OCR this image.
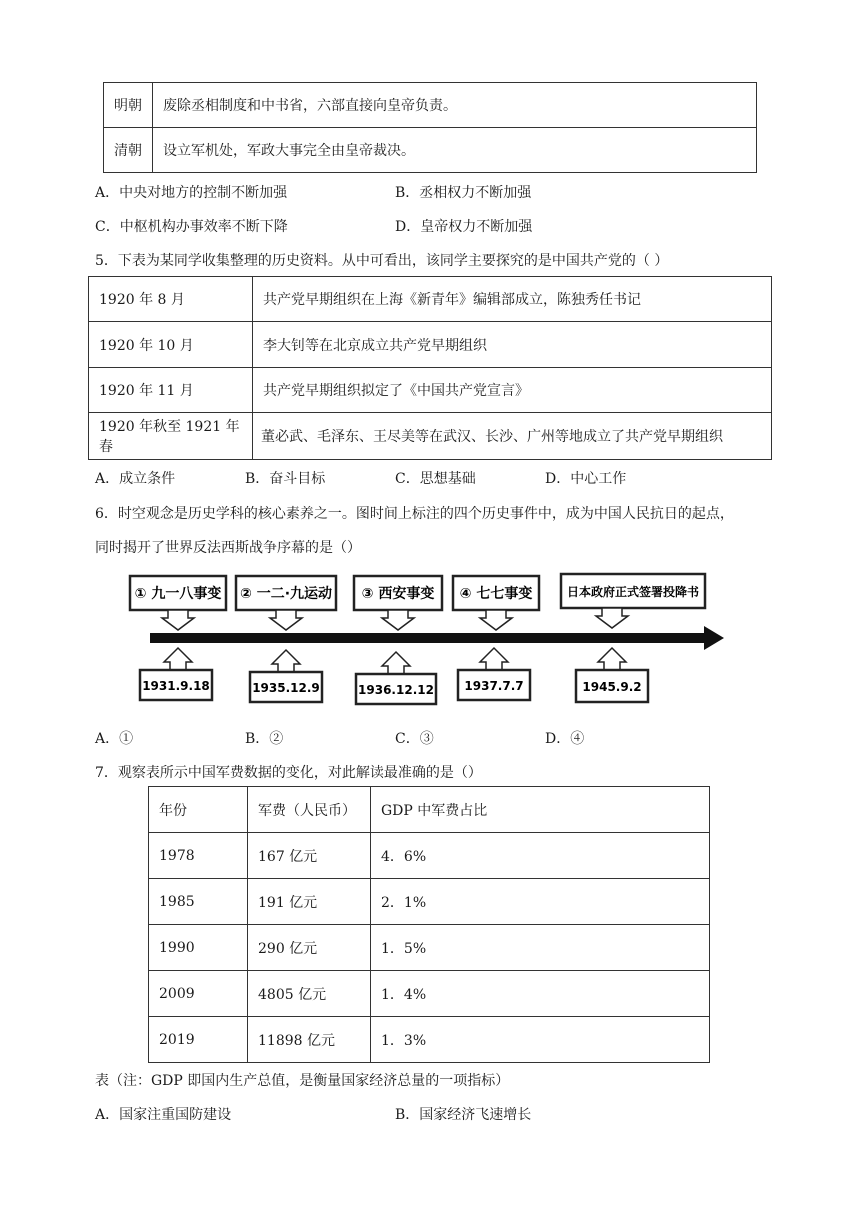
明朝	废除丞相制度和中书省，六部直接向皇帝负责。
清朝	设立军机处，军政大事完全由皇帝裁决。
A．中央对地方的控制不断加强	B．丞相权力不断加强
C．中枢机构办事效率不断下降	D．皇帝权力不断加强
5．下表为某同学收集整理的历史资料。从中可看出，该同学主要探究的是中国共产党的（ ）
1920 年 8 月	共产党早期组织在上海《新青年》编辑部成立，陈独秀任书记
1920 年 10 月	李大钊等在北京成立共产党早期组织
1920 年 11 月	共产党早期组织拟定了《中国共产党宣言》
1920 年秋至 1921 年春	董必武、毛泽东、王尽美等在武汉、长沙、广州等地成立了共产党早期组织
A．成立条件	B．奋斗目标	C．思想基础	D．中心工作
6．时空观念是历史学科的核心素养之一。图时间上标注的四个历史事件中，成为中国人民抗日的起点，
同时揭开了世界反法西斯战争序幕的是（）
① 九一八事变 ② 一二·九运动 ③ 西安事变 ④ 七七事变	日本政府正式签署投降书
1931.9.18	1935.12.9	1936.12.12	1937.7.7	1945.9.2
A．①	B．②	C．③	D．④
7．观察表所示中国军费数据的变化，对此解读最准确的是（）
年份	军费（人民币）	GDP 中军费占比
1978	167 亿元	4．6%
1985	191 亿元	2．1%
1990	290 亿元	1．5%
2009	4805 亿元	1．4%
2019	11898 亿元	1．3%
表（注：GDP 即国内生产总值，是衡量国家经济总量的一项指标）
A．国家注重国防建设	B．国家经济飞速增长
